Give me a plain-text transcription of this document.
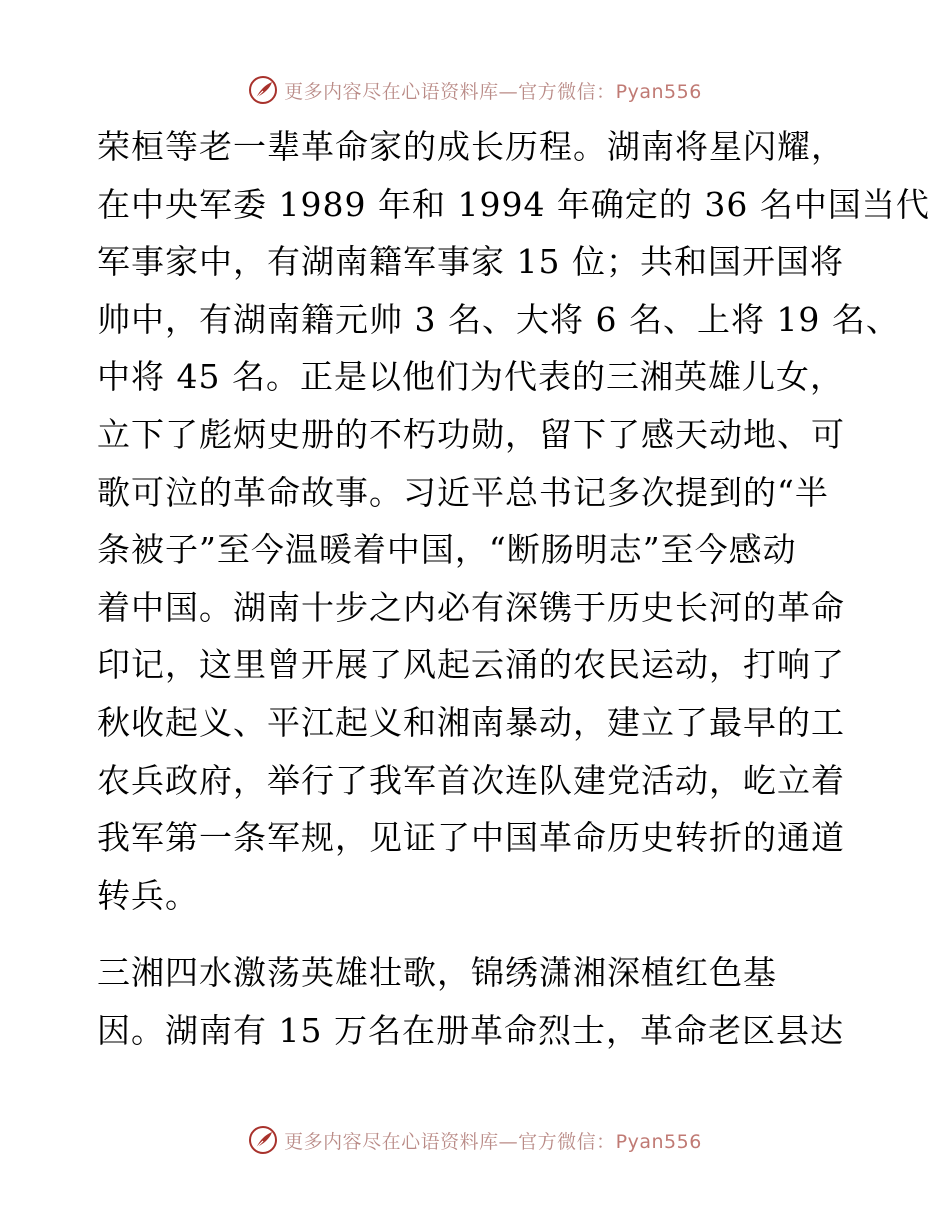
更多内容尽在心语资料库—官方微信：Pyan556
荣桓等老一辈革命家的成长历程。湖南将星闪耀，
在中央军委 1989 年和 1994 年确定的 36 名中国当代
军事家中，有湖南籍军事家 15 位；共和国开国将
帅中，有湖南籍元帅 3 名、大将 6 名、上将 19 名、
中将 45 名。正是以他们为代表的三湘英雄儿女，
立下了彪炳史册的不朽功勋，留下了感天动地、可
歌可泣的革命故事。习近平总书记多次提到的“半
条被子”至今温暖着中国，“断肠明志”至今感动
着中国。湖南十步之内必有深镌于历史长河的革命
印记，这里曾开展了风起云涌的农民运动，打响了
秋收起义、平江起义和湘南暴动，建立了最早的工
农兵政府，举行了我军首次连队建党活动，屹立着
我军第一条军规，见证了中国革命历史转折的通道
转兵。
三湘四水激荡英雄壮歌，锦绣潇湘深植红色基
因。湖南有 15 万名在册革命烈士，革命老区县达
更多内容尽在心语资料库—官方微信：Pyan556
